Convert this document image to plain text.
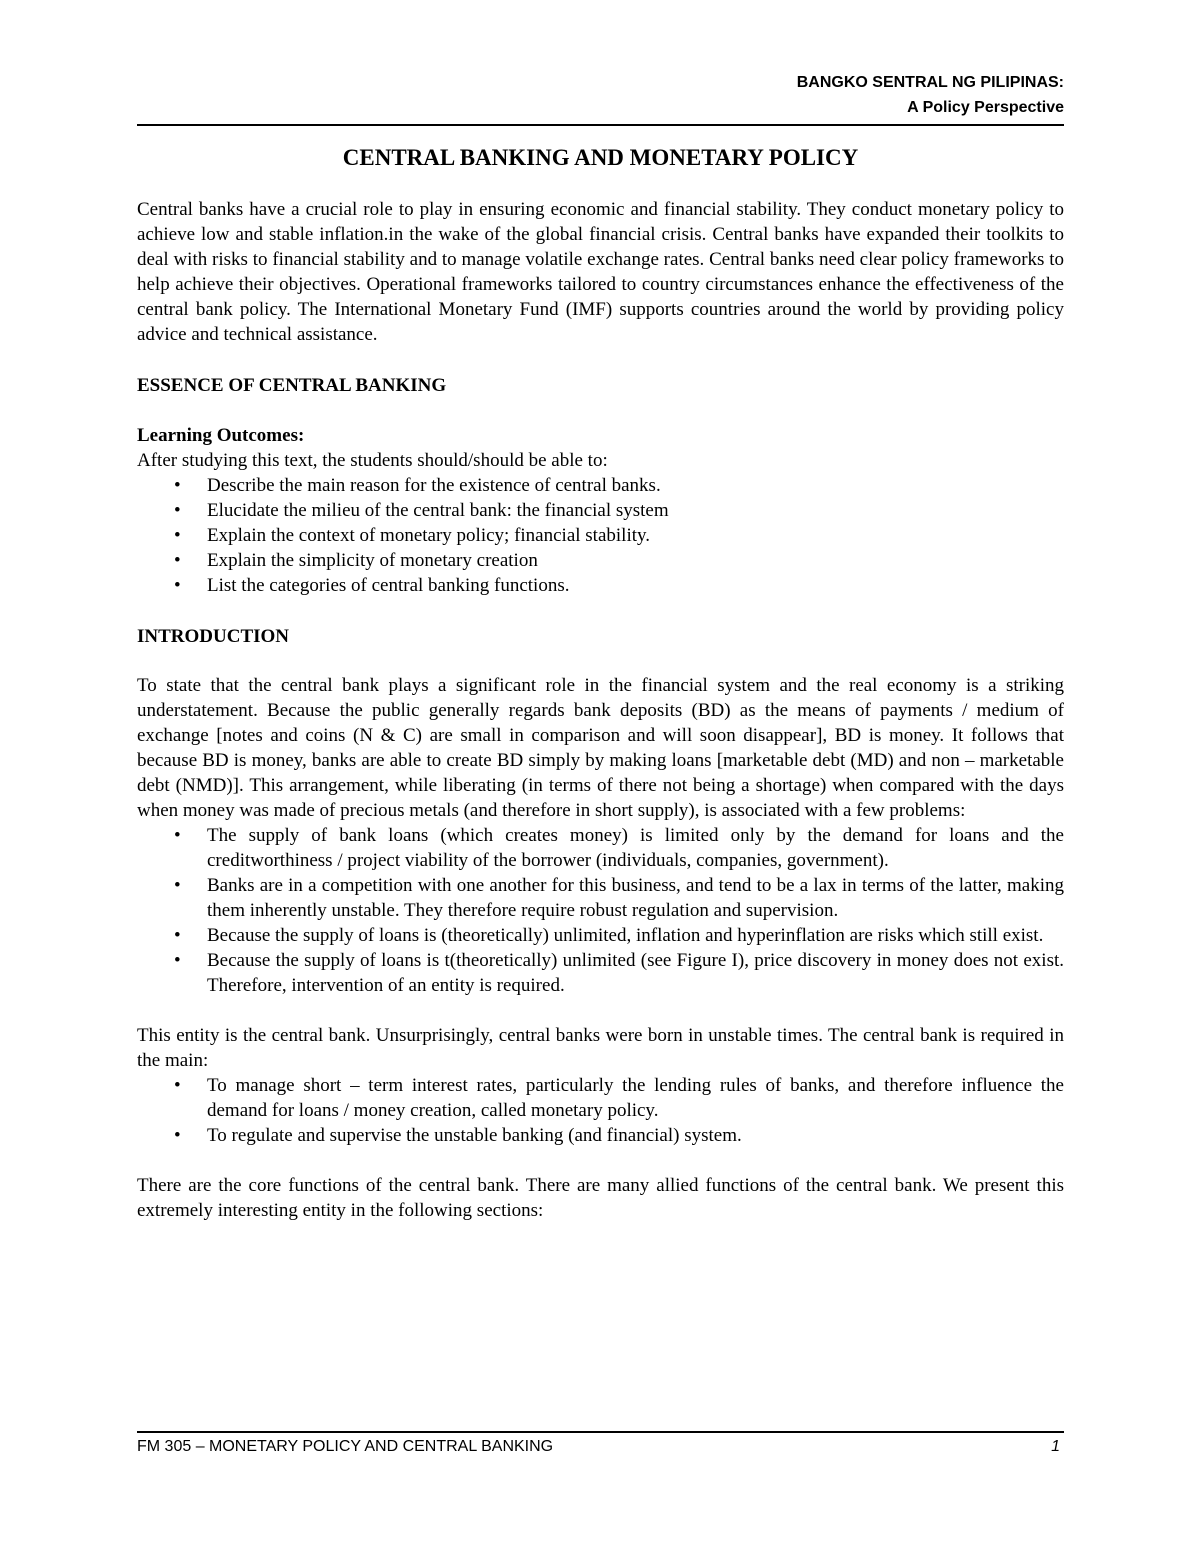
BANGKO SENTRAL NG PILIPINAS:
A Policy Perspective
CENTRAL BANKING AND MONETARY POLICY

Central banks have a crucial role to play in ensuring economic and financial stability. They conduct monetary policy to achieve low and stable inflation.in the wake of the global financial crisis. Central banks have expanded their toolkits to deal with risks to financial stability and to manage volatile exchange rates. Central banks need clear policy frameworks to help achieve their objectives. Operational frameworks tailored to country circumstances enhance the effectiveness of the central bank policy. The International Monetary Fund (IMF) supports countries around the world by providing policy advice and technical assistance.

ESSENCE OF CENTRAL BANKING
Learning Outcomes:
After studying this text, the students should/should be able to:
• Describe the main reason for the existence of central banks.
• Elucidate the milieu of the central bank: the financial system
• Explain the context of monetary policy; financial stability.
• Explain the simplicity of monetary creation
• List the categories of central banking functions.
INTRODUCTION

To state that the central bank plays a significant role in the financial system and the real economy is a striking understatement. Because the public generally regards bank deposits (BD) as the means of payments / medium of exchange [notes and coins (N & C) are small in comparison and will soon disappear], BD is money. It follows that because BD is money, banks are able to create BD simply by making loans [marketable debt (MD) and non – marketable debt (NMD)]. This arrangement, while liberating (in terms of there not being a shortage) when compared with the days when money was made of precious metals (and therefore in short supply), is associated with a few problems:

• The supply of bank loans (which creates money) is limited only by the demand for loans and the creditworthiness / project viability of the borrower (individuals, companies, government).
• Banks are in a competition with one another for this business, and tend to be a lax in terms of the latter, making them inherently unstable. They therefore require robust regulation and supervision.
• Because the supply of loans is (theoretically) unlimited, inflation and hyperinflation are risks which still exist.
• Because the supply of loans is t(theoretically) unlimited (see Figure I), price discovery in money does not exist. Therefore, intervention of an entity is required.

This entity is the central bank. Unsurprisingly, central banks were born in unstable times. The central bank is required in the main:

• To manage short – term interest rates, particularly the lending rules of banks, and therefore influence the demand for loans / money creation, called monetary policy.
• To regulate and supervise the unstable banking (and financial) system.

There are the core functions of the central bank. There are many allied functions of the central bank. We present this extremely interesting entity in the following sections:

FM 305 – MONETARY POLICY AND CENTRAL BANKING	1
